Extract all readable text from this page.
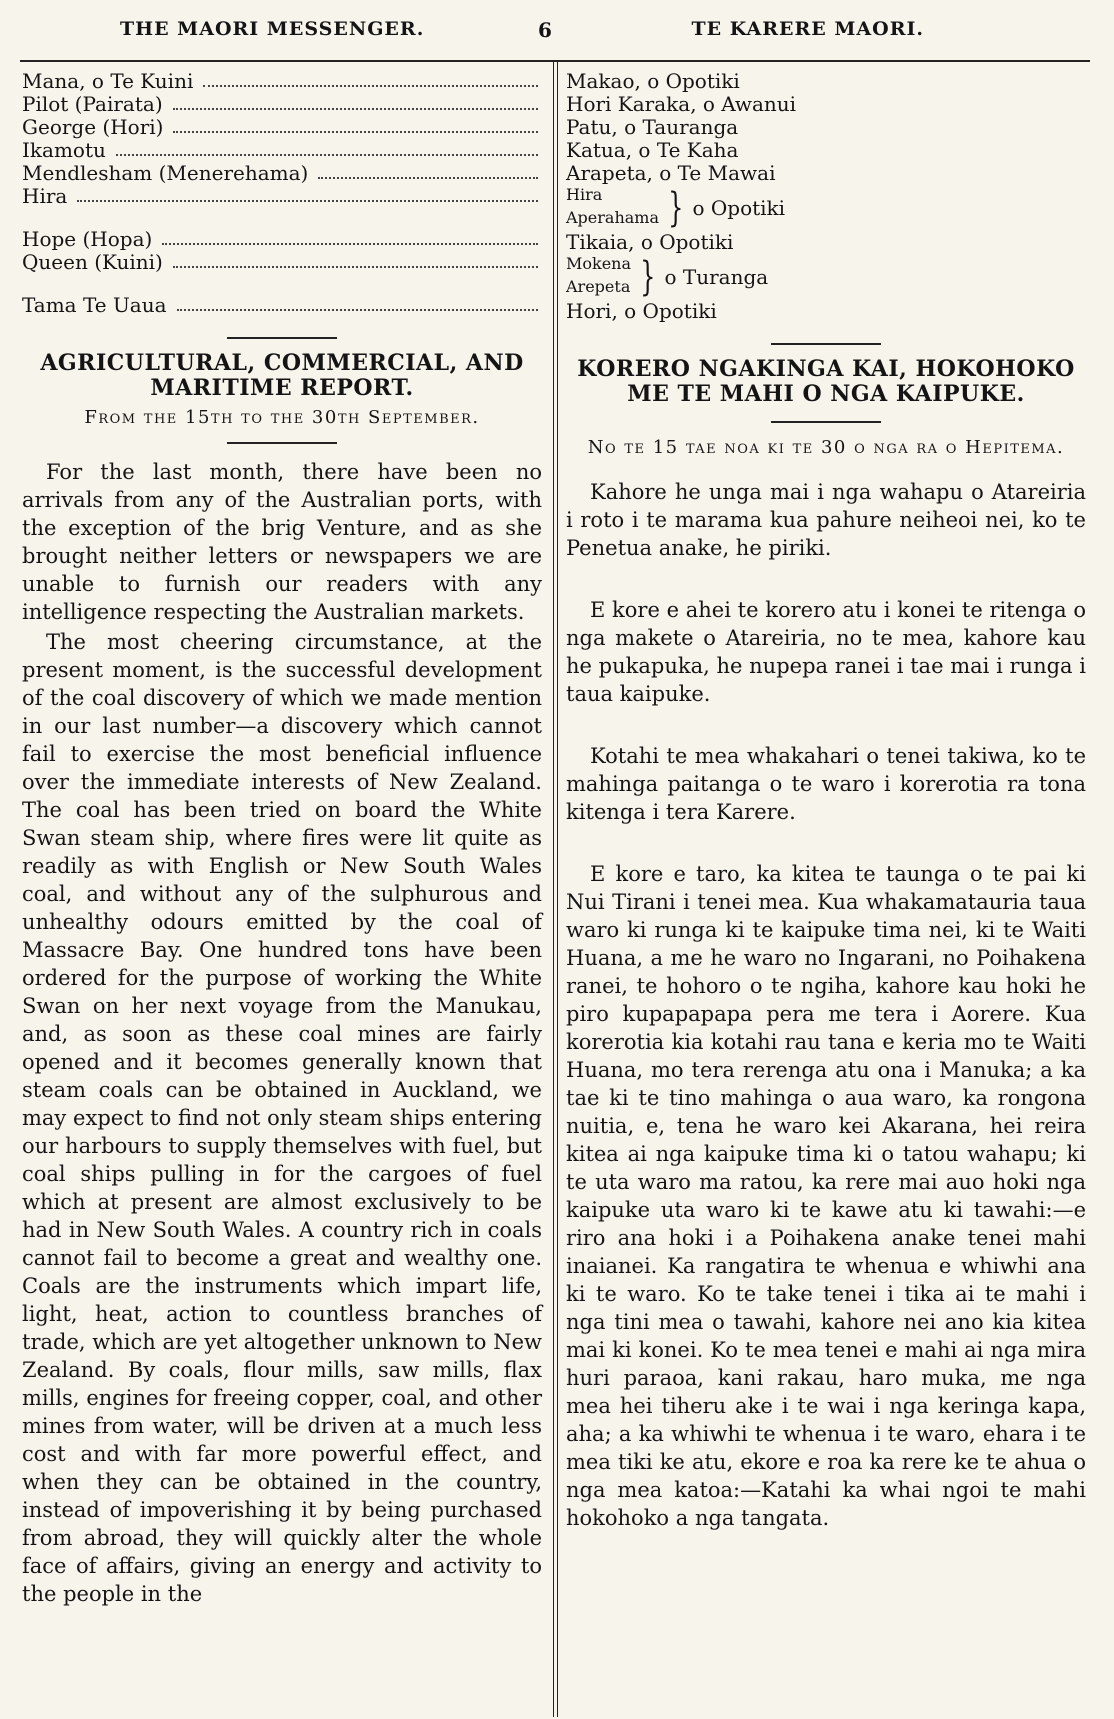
THE MAORI MESSENGER.	6	TE KARERE MAORI.
Mana, o Te Kuini
Pilot (Pairata)
George (Hori)
Ikamotu
Mendlesham (Menerehama)
Hira
Hope (Hopa)
Queen (Kuini)
Tama Te Uaua
AGRICULTURAL, COMMERCIAL, AND MARITIME REPORT.
From the 15th to the 30th September.

For the last month, there have been no arrivals from any of the Australian ports, with the exception of the brig Venture, and as she brought neither letters or newspapers we are unable to furnish our readers with any intelligence respecting the Australian markets.

The most cheering circumstance, at the present moment, is the successful development of the coal discovery of which we made mention in our last number—a discovery which cannot fail to exercise the most beneficial influence over the immediate interests of New Zealand. The coal has been tried on board the White Swan steam ship, where fires were lit quite as readily as with English or New South Wales coal, and without any of the sulphurous and unhealthy odours emitted by the coal of Massacre Bay. One hundred tons have been ordered for the purpose of working the White Swan on her next voyage from the Manukau, and, as soon as these coal mines are fairly opened and it becomes generally known that steam coals can be obtained in Auckland, we may expect to find not only steam ships entering our harbours to supply themselves with fuel, but coal ships pulling in for the cargoes of fuel which at present are almost exclusively to be had in New South Wales. A country rich in coals cannot fail to become a great and wealthy one. Coals are the instruments which impart life, light, heat, action to countless branches of trade, which are yet altogether unknown to New Zealand. By coals, flour mills, saw mills, flax mills, engines for freeing copper, coal, and other mines from water, will be driven at a much less cost and with far more powerful effect, and when they can be obtained in the country, instead of impoverishing it by being purchased from abroad, they will quickly alter the whole face of affairs, giving an energy and activity to the people in the

Makao, o Opotiki
Hori Karaka, o Awanui
Patu, o Tauranga
Katua, o Te Kaha
Arapeta, o Te Mawai
Hira
Aperahama } o Opotiki
Tikaia, o Opotiki
Mokena
Arepeta } o Turanga
Hori, o Opotiki
KORERO NGAKINGA KAI, HOKOHOKO ME TE MAHI O NGA KAIPUKE.
No te 15 tae noa ki te 30 o nga ra o Hepitema.

Kahore he unga mai i nga wahapu o Atareiria i roto i te marama kua pahure neiheoi nei, ko te Penetua anake, he piriki.

E kore e ahei te korero atu i konei te ritenga o nga makete o Atareiria, no te mea, kahore kau he pukapuka, he nupepa ranei i tae mai i runga i taua kaipuke.

Kotahi te mea whakahari o tenei takiwa, ko te mahinga paitanga o te waro i korerotia ra tona kitenga i tera Karere.

E kore e taro, ka kitea te taunga o te pai ki Nui Tirani i tenei mea. Kua whakamatauria taua waro ki runga ki te kaipuke tima nei, ki te Waiti Huana, a me he waro no Ingarani, no Poihakena ranei, te hohoro o te ngiha, kahore kau hoki he piro kupapapapa pera me tera i Aorere. Kua korerotia kia kotahi rau tana e keria mo te Waiti Huana, mo tera rerenga atu ona i Manuka; a ka tae ki te tino mahinga o aua waro, ka rongona nuitia, e, tena he waro kei Akarana, hei reira kitea ai nga kaipuke tima ki o tatou wahapu; ki te uta waro ma ratou, ka rere mai auo hoki nga kaipuke uta waro ki te kawe atu ki tawahi:—e riro ana hoki i a Poihakena anake tenei mahi inaianei. Ka rangatira te whenua e whiwhi ana ki te waro. Ko te take tenei i tika ai te mahi i nga tini mea o tawahi, kahore nei ano kia kitea mai ki konei. Ko te mea tenei e mahi ai nga mira huri paraoa, kani rakau, haro muka, me nga mea hei tiheru ake i te wai i nga keringa kapa, aha; a ka whiwhi te whenua i te waro, ehara i te mea tiki ke atu, ekore e roa ka rere ke te ahua o nga mea katoa:—Katahi ka whai ngoi te mahi hokohoko a nga tangata.
